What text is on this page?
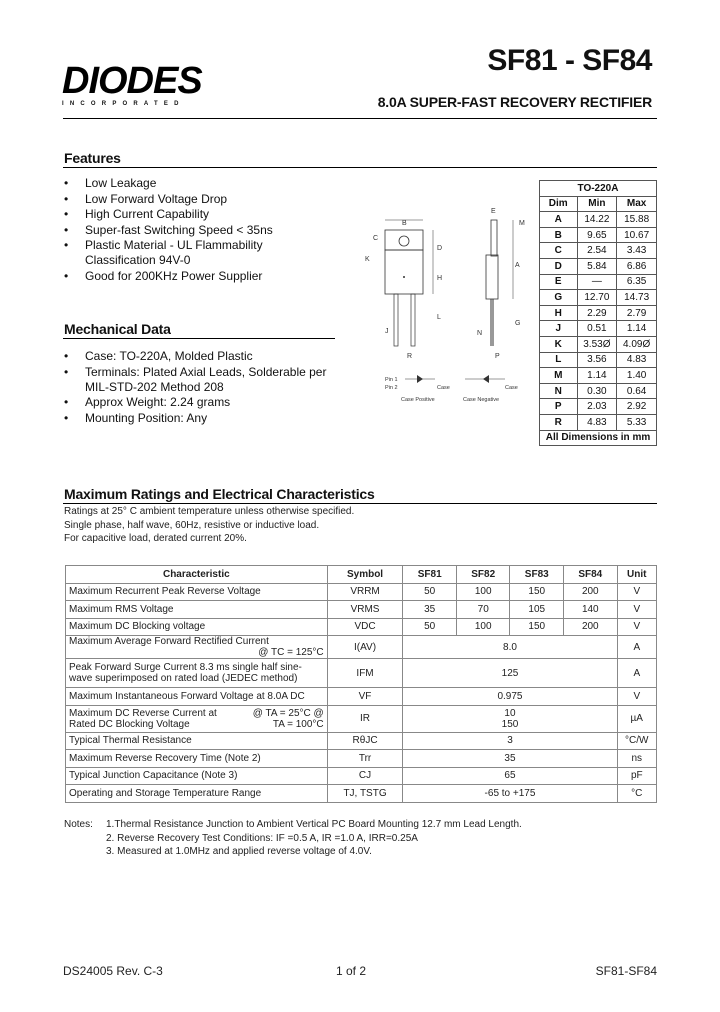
DIODES
INCORPORATED
SF81 - SF84
8.0A SUPER-FAST RECOVERY RECTIFIER
Features
• Low Leakage
• Low Forward Voltage Drop
• High Current Capability
• Super-fast Switching Speed < 35ns
• Plastic Material - UL Flammability Classification 94V-0
• Good for 200KHz Power Supplier
Mechanical Data
• Case: TO-220A, Molded Plastic
• Terminals: Plated Axial Leads, Solderable per MIL-STD-202 Method 208
• Approx Weight: 2.24 grams
• Mounting Position: Any
B
C
D
H
L
J
R
K
A
E
M
N
G
P
Pin 1
Pin 2	Case
Case Positive
Case
Case Negative
TO-220A		
Dim	Min	Max
A	14.22	15.88
B	9.65	10.67
C	2.54	3.43
D	5.84	6.86
E	—	6.35
G	12.70	14.73
H	2.29	2.79
J	0.51	1.14
K	3.53Ø	4.09Ø
L	3.56	4.83
M	1.14	1.40
N	0.30	0.64
P	2.03	2.92
R	4.83	5.33
All Dimensions in mm		
Maximum Ratings and Electrical Characteristics
Ratings at 25° C ambient temperature unless otherwise specified.
Single phase, half wave, 60Hz, resistive or inductive load.
For capacitive load, derated current 20%.
Characteristic	Symbol	SF81	SF82	SF83	SF84	Unit
Maximum Recurrent Peak Reverse Voltage	VRRM	50	100	150	200	V
Maximum RMS Voltage	VRMS	35	70	105	140	V
Maximum DC Blocking voltage	VDC	50	100	150	200	V
Maximum Average Forward Rectified Current
@ TC = 125°C	I(AV)	8.0				A
Peak Forward Surge Current 8.3 ms single half sine-wave superimposed on rated load (JEDEC method)	IFM	125				A
Maximum Instantaneous Forward Voltage at 8.0A DC	VF	0.975				V
Maximum DC Reverse Current at Rated DC Blocking Voltage
@ TA = 25°C @ TA = 100°C	IR	10 150				µA
Typical Thermal Resistance	RθJC	3				°C/W
Maximum Reverse Recovery Time (Note 2)	Trr	35				ns
Typical Junction Capacitance (Note 3)	CJ	65				pF
Operating and Storage Temperature Range	TJ, TSTG	-65 to +175				°C
Notes:	1.Thermal Resistance Junction to Ambient Vertical PC Board Mounting 12.7 mm Lead Length.
2. Reverse Recovery Test Conditions: IF =0.5 A, IR =1.0 A, IRR=0.25A
3. Measured at 1.0MHz and applied reverse voltage of 4.0V.
DS24005 Rev. C-3	1 of 2	SF81-SF84
